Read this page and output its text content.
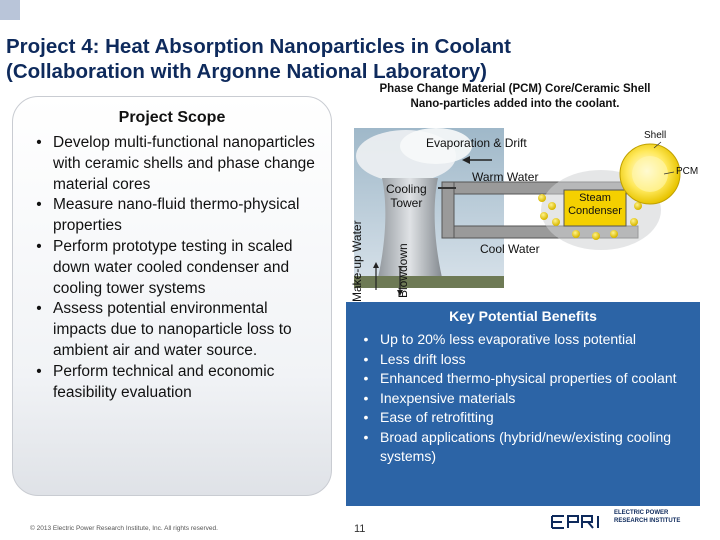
Project 4: Heat Absorption Nanoparticles in Coolant
(Collaboration with Argonne National Laboratory)
Project Scope
• Develop multi-functional nanoparticles with ceramic shells and phase change material cores
• Measure nano-fluid thermo-physical properties
• Perform prototype testing in scaled down water cooled condenser and cooling tower systems
• Assess potential environmental impacts due to nanoparticle loss to ambient air and water source.
• Perform technical and economic feasibility evaluation
Phase Change Material (PCM) Core/Ceramic Shell
Nano-particles added into the coolant.
Evaporation & Drift
Cooling
Tower
Warm Water
Steam
Condenser
Cool Water
Shell
PCM
Make-up Water	Blowdown
Key Potential Benefits
• Up to 20% less evaporative loss potential
• Less drift loss
• Enhanced thermo-physical properties of coolant
• Inexpensive materials
• Ease of retrofitting
• Broad applications (hybrid/new/existing cooling systems)
© 2013 Electric Power Research Institute, Inc. All rights reserved.	11
ELECTRIC POWER
RESEARCH INSTITUTE
